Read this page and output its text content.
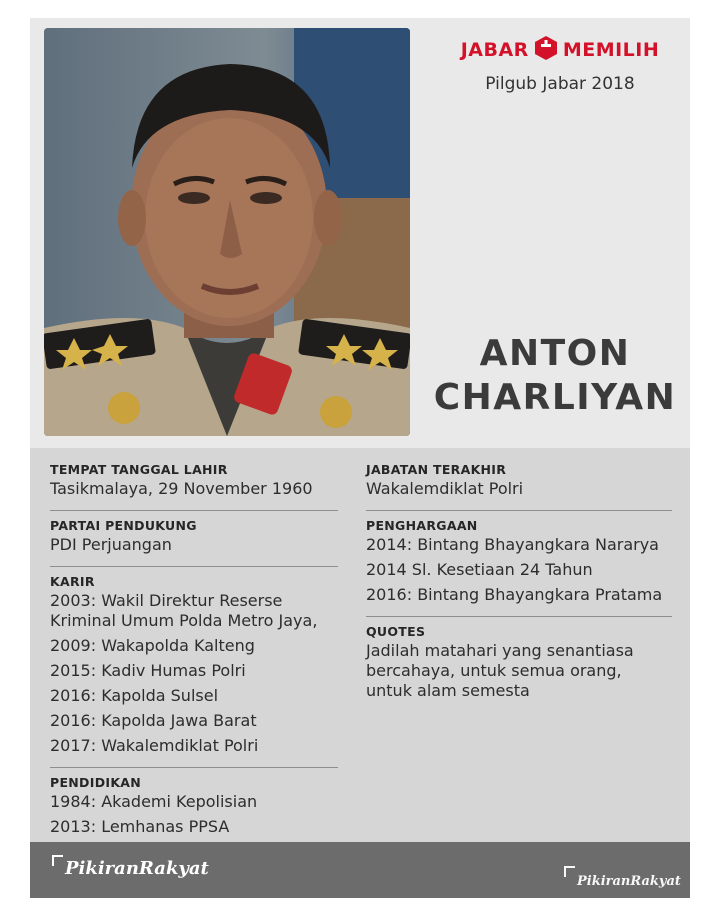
JABAR MEMILIH
Pilgub Jabar 2018
ANTON
CHARLIYAN
TEMPAT TANGGAL LAHIR
Tasikmalaya, 29 November 1960
PARTAI PENDUKUNG
PDI Perjuangan
KARIR
2003: Wakil Direktur Reserse Kriminal Umum Polda Metro Jaya,
2009: Wakapolda Kalteng
2015: Kadiv Humas Polri
2016: Kapolda Sulsel
2016: Kapolda Jawa Barat
2017: Wakalemdiklat Polri
PENDIDIKAN
1984: Akademi Kepolisian
2013: Lemhanas PPSA
JABATAN TERAKHIR
Wakalemdiklat Polri
PENGHARGAAN
2014: Bintang Bhayangkara Nararya
2014 Sl. Kesetiaan 24 Tahun
2016: Bintang Bhayangkara Pratama
QUOTES
Jadilah matahari yang senantiasa bercahaya, untuk semua orang, untuk alam semesta
PikiranRakyat
PikiranRakyat
